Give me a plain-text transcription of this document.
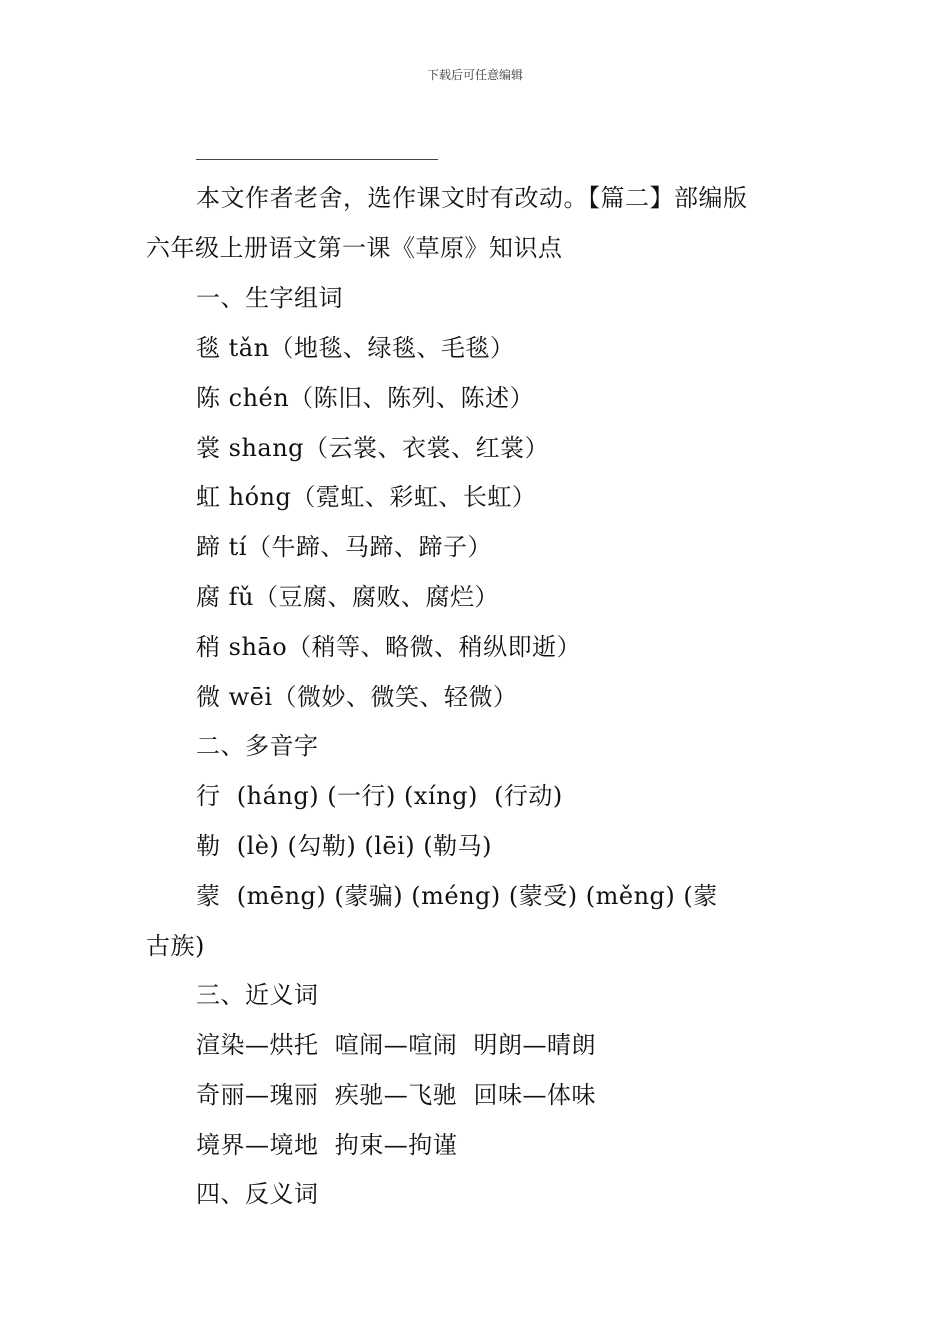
下载后可任意编辑
本文作者老舍，选作课文时有改动。【篇二】部编版
六年级上册语文第一课《草原》知识点
一、生字组词
毯 tǎn（地毯、绿毯、毛毯）
陈 chén（陈旧、陈列、陈述）
裳 shang（云裳、衣裳、红裳）
虹 hóng（霓虹、彩虹、长虹）
蹄 tí（牛蹄、马蹄、蹄子）
腐 fǔ（豆腐、腐败、腐烂）
稍 shāo（稍等、略微、稍纵即逝）
微 wēi（微妙、微笑、轻微）
二、多音字
行  (háng) (一行) (xíng)  (行动)
勒  (lè) (勾勒) (lēi) (勒马)
蒙  (mēng) (蒙骗) (méng) (蒙受) (měng) (蒙
古族)
三、近义词
渲染—烘托  喧闹—喧闹  明朗—晴朗
奇丽—瑰丽  疾驰—飞驰  回味—体味
境界—境地  拘束—拘谨
四、反义词
